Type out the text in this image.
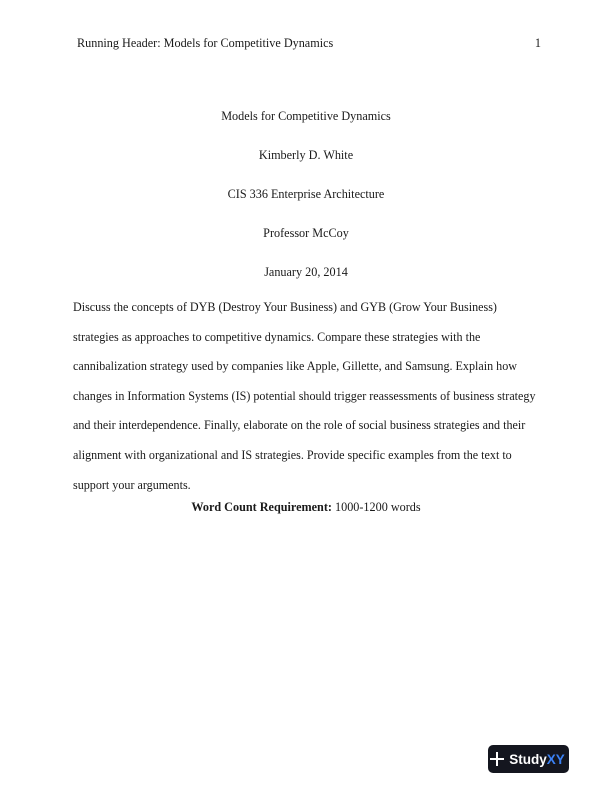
Running Header: Models for Competitive Dynamics	1
Models for Competitive Dynamics
Kimberly D. White
CIS 336 Enterprise Architecture
Professor McCoy
January 20, 2014
Discuss the concepts of DYB (Destroy Your Business) and GYB (Grow Your Business)
strategies as approaches to competitive dynamics. Compare these strategies with the
cannibalization strategy used by companies like Apple, Gillette, and Samsung. Explain how
changes in Information Systems (IS) potential should trigger reassessments of business strategy
and their interdependence. Finally, elaborate on the role of social business strategies and their
alignment with organizational and IS strategies. Provide specific examples from the text to
support your arguments.
Word Count Requirement: 1000-1200 words
Study XY
